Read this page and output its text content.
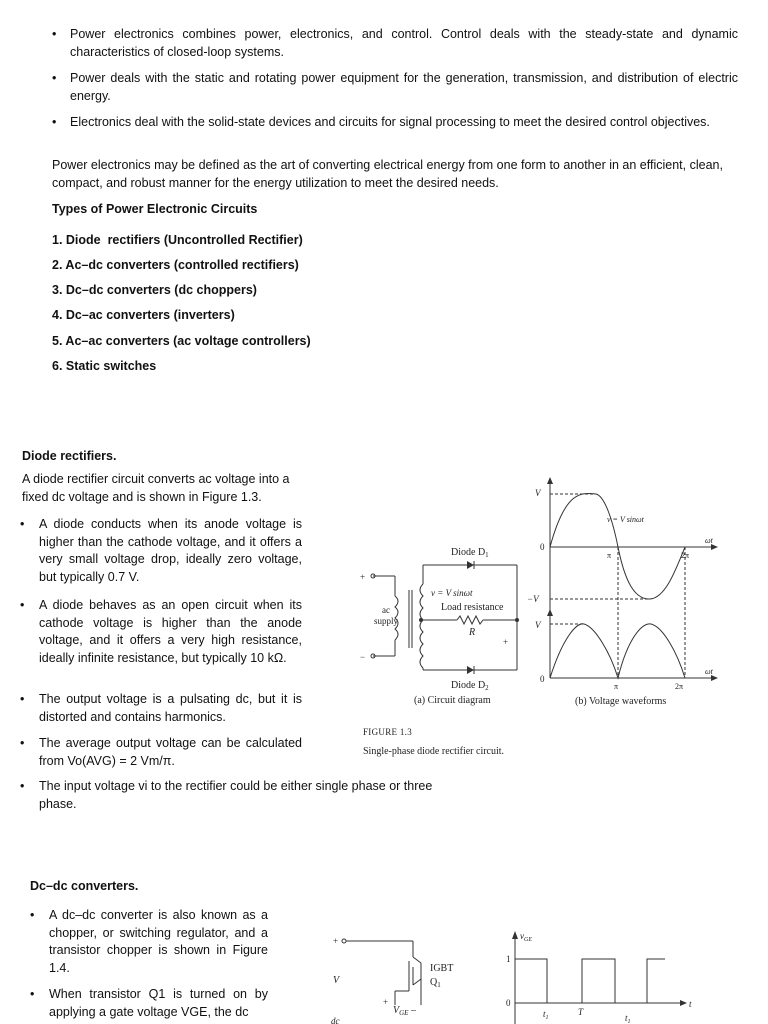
• Power electronics combines power, electronics, and control. Control deals with the steady-state and dynamic characteristics of closed-loop systems.
• Power deals with the static and rotating power equipment for the generation, transmission, and distribution of electric energy.
• Electronics deal with the solid-state devices and circuits for signal processing to meet the desired control objectives.
Power electronics may be defined as the art of converting electrical energy from one form to another in an efficient, clean, compact, and robust manner for the energy utilization to meet the desired needs.
Types of Power Electronic Circuits
1. Diode  rectifiers (Uncontrolled Rectifier)
2. Ac–dc converters (controlled rectifiers)
3. Dc–dc converters (dc choppers)
4. Dc–ac converters (inverters)
5. Ac–ac converters (ac voltage controllers)
6. Static switches
Diode rectifiers.
A diode rectifier circuit converts ac voltage into a fixed dc voltage and is shown in Figure 1.3.
• A diode conducts when its anode voltage is higher than the cathode voltage, and it offers a very small voltage drop, ideally zero voltage, but typically 0.7 V.
• A diode behaves as an open circuit when its cathode voltage is higher than the anode voltage, and it offers a very high resistance, ideally infinite resistance, but typically 10 kΩ.
• The output voltage is a pulsating dc, but it is distorted and contains harmonics.
• The average output voltage can be calculated from Vo(AVG) = 2 Vm/π.
• The input voltage vi to the rectifier could be either single phase or three phase.
Diode $D_1$
Diode $D_2$
Load resistance
R
v = V sinωt
ac
supply
+
−
+
(a) Circuit diagram
FIGURE 1.3
Single-phase diode rectifier circuit.
V
0
−V
V
0
v = V sinωt
π	2π
ωt
π	2π
ωt
(b) Voltage waveforms
Dc–dc converters.
• A dc–dc converter is also known as a chopper, or switching regulator, and a transistor chopper is shown in Figure 1.4.
• When transistor Q1 is turned on by applying a gate voltage VGE, the dc
+
V
IGBT
$Q_1$
+
$V_{GE}$ –
dc
$v_{GE}$
1
0	t
$t_1$
T
$t_1$
